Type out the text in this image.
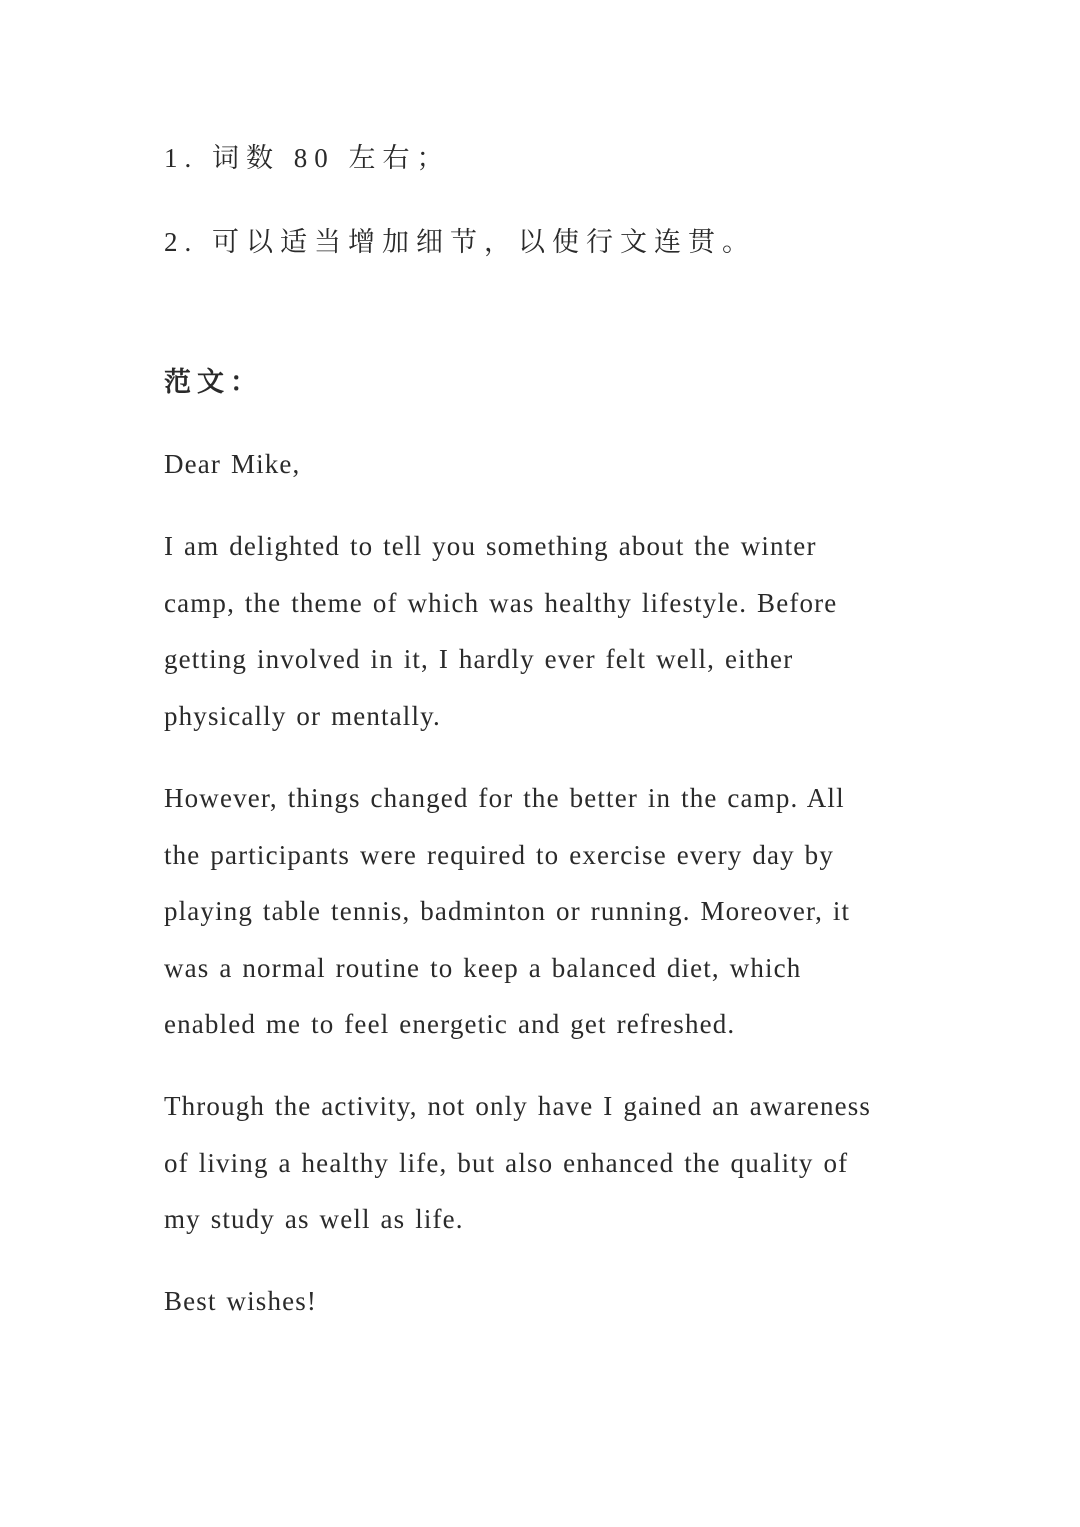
1. 词数 80 左右；
2. 可以适当增加细节，以使行文连贯。
范文：
Dear Mike,
I am delighted to tell you something about the winter
camp, the theme of which was healthy lifestyle. Before
getting involved in it, I hardly ever felt well, either
physically or mentally.
However, things changed for the better in the camp. All
the participants were required to exercise every day by
playing table tennis, badminton or running. Moreover, it
was a normal routine to keep a balanced diet, which
enabled me to feel energetic and get refreshed.
Through the activity, not only have I gained an awareness
of living a healthy life, but also enhanced the quality of
my study as well as life.
Best wishes!
